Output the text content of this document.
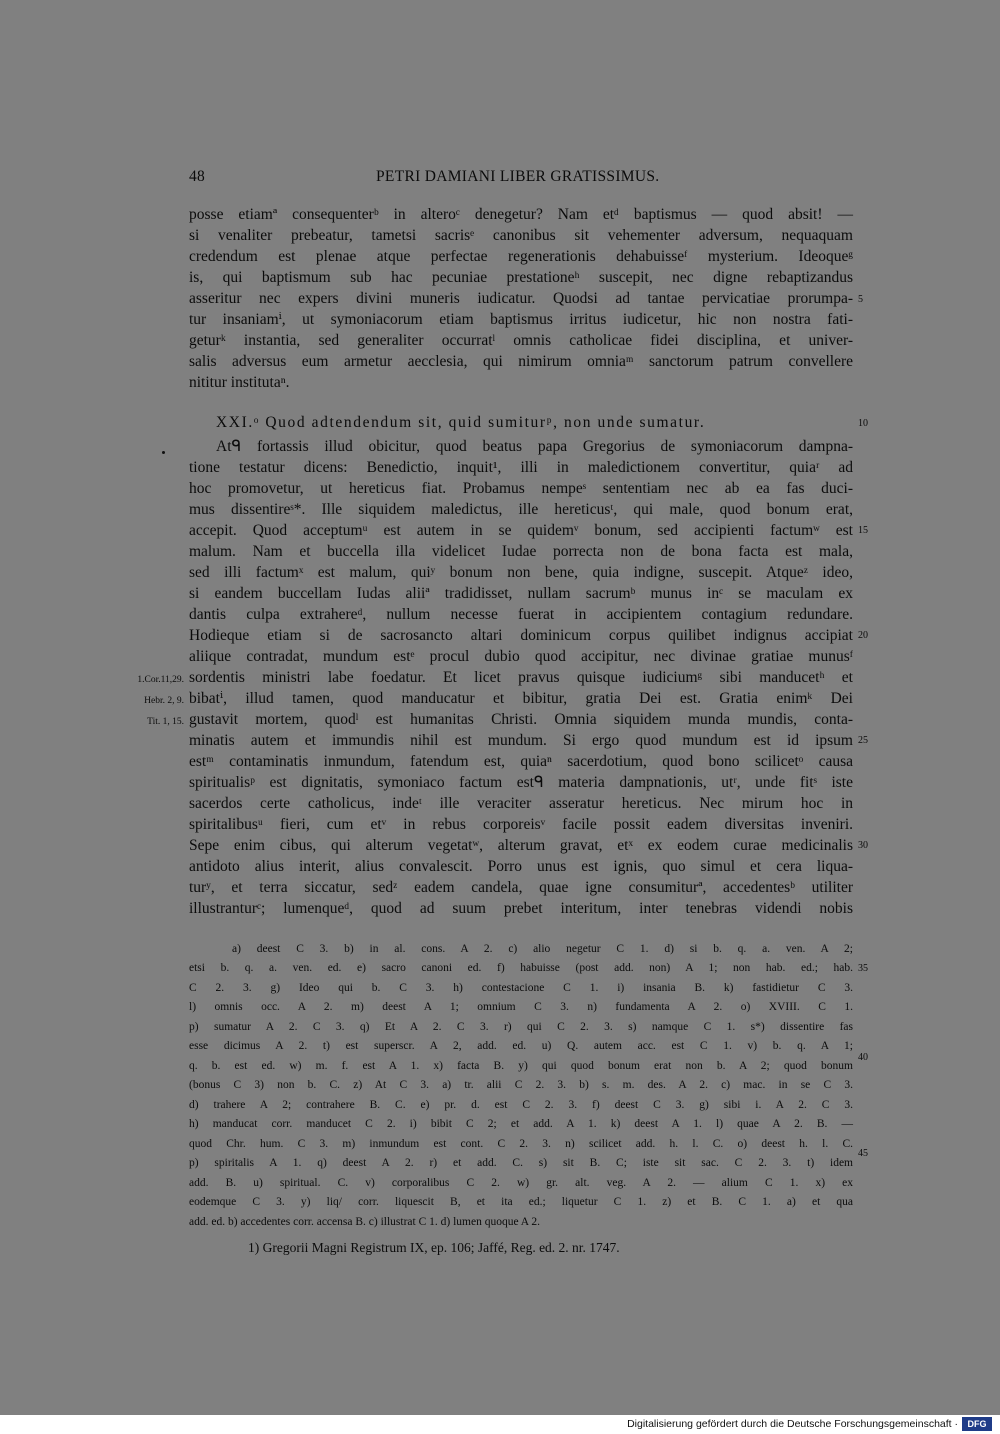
48	PETRI DAMIANI LIBER GRATISSIMUS.
posse etiamª consequenterᵇ in alteroᶜ denegetur? Nam etᵈ baptismus — quod absit! —
si venaliter prebeatur, tametsi sacrisᵉ canonibus sit vehementer adversum, nequaquam
credendum est plenae atque perfectae regenerationis dehabuisseᶠ mysterium. Ideoqueᵍ
is, qui baptismum sub hac pecuniae prestationeʰ suscepit, nec digne rebaptizandus
asseritur nec expers divini muneris iudicatur. Quodsi ad tantae pervicatiae prorumpa-
tur insaniamⁱ, ut symoniacorum etiam baptismus irritus iudicetur, hic non nostra fati-
geturᵏ instantia, sed generaliter occurratˡ omnis catholicae fidei disciplina, et univer-
salis adversus eum armetur aecclesia, qui nimirum omniaᵐ sanctorum patrum convellere
nititur institutaⁿ.
XXI.ᵒ Quod adtendendum sit, quid sumiturᵖ, non unde sumatur.
Atᑫ fortassis illud obicitur, quod beatus papa Gregorius de symoniacorum dampna-
tione testatur dicens: Benedictio, inquit¹, illi in maledictionem convertitur, quiaʳ ad
hoc promovetur, ut hereticus fiat. Probamus nempeˢ sententiam nec ab ea fas duci-
mus dissentireˢ*. Ille siquidem maledictus, ille hereticusᵗ, qui male, quod bonum erat,
accepit. Quod acceptumᵘ est autem in se quidemᵛ bonum, sed accipienti factumʷ est
malum. Nam et buccella illa videlicet Iudae porrecta non de bona facta est mala,
sed illi factumˣ est malum, quiʸ bonum non bene, quia indigne, suscepit. Atqueᶻ ideo,
si eandem buccellam Iudas aliiª tradidisset, nullam sacrumᵇ munus inᶜ se maculam ex
dantis culpa extrahereᵈ, nullum necesse fuerat in accipientem contagium redundare.
Hodieque etiam si de sacrosancto altari dominicum corpus quilibet indignus accipiat
aliique contradat, mundum estᵉ procul dubio quod accipitur, nec divinae gratiae munusᶠ
sordentis ministri labe foedatur. Et licet pravus quisque iudiciumᵍ sibi manducetʰ et
bibatⁱ, illud tamen, quod manducatur et bibitur, gratia Dei est. Gratia enimᵏ Dei
gustavit mortem, quodˡ est humanitas Christi. Omnia siquidem munda mundis, conta-
minatis autem et immundis nihil est mundum. Si ergo quod mundum est id ipsum
estᵐ contaminatis inmundum, fatendum est, quiaⁿ sacerdotium, quod bono scilicetᵒ causa
spiritualisᵖ est dignitatis, symoniaco factum estᑫ materia dampnationis, utʳ, unde fitˢ iste
sacerdos certe catholicus, indeᵗ ille veraciter asseratur hereticus. Nec mirum hoc in
spiritalibusᵘ fieri, cum etᵛ in rebus corporeisᵛ facile possit eadem diversitas inveniri.
Sepe enim cibus, qui alterum vegetatʷ, alterum gravat, etˣ ex eodem curae medicinalis
antidoto alius interit, alius convalescit. Porro unus est ignis, quo simul et cera liqua-
turʸ, et terra siccatur, sedᶻ eadem candela, quae igne consumiturª, accedentesᵇ utiliter
illustranturᶜ; lumenqueᵈ, quod ad suum prebet interitum, inter tenebras videndi nobis
5
10
15
20
25
30
35
40
45
1.Cor.11,29.
Hebr. 2, 9.
Tit. 1, 15.
a) deest C 3. b) in al. cons. A 2. c) alio negetur C 1. d) si b. q. a. ven. A 2;
etsi b. q. a. ven. ed. e) sacro canoni ed. f) habuisse (post add. non) A 1; non hab. ed.; hab.
C 2. 3. g) Ideo qui b. C 3. h) contestacione C 1. i) insania B. k) fastidietur C 3.
l) omnis occ. A 2. m) deest A 1; omnium C 3. n) fundamenta A 2. o) XVIII. C 1.
p) sumatur A 2. C 3. q) Et A 2. C 3. r) qui C 2. 3. s) namque C 1. s*) dissentire fas
esse dicimus A 2. t) est superscr. A 2, add. ed. u) Q. autem acc. est C 1. v) b. q. A 1;
q. b. est ed. w) m. f. est A 1. x) facta B. y) qui quod bonum erat non b. A 2; quod bonum
(bonus C 3) non b. C. z) At C 3. a) tr. alii C 2. 3. b) s. m. des. A 2. c) mac. in se C 3.
d) trahere A 2; contrahere B. C. e) pr. d. est C 2. 3. f) deest C 3. g) sibi i. A 2. C 3.
h) manducat corr. manducet C 2. i) bibit C 2; et add. A 1. k) deest A 1. l) quae A 2. B. —
quod Chr. hum. C 3. m) inmundum est cont. C 2. 3. n) scilicet add. h. l. C. o) deest h. l. C.
p) spiritalis A 1. q) deest A 2. r) et add. C. s) sit B. C; iste sit sac. C 2. 3. t) idem
add. B. u) spiritual. C. v) corporalibus C 2. w) gr. alt. veg. A 2. — alium C 1. x) ex
eodemque C 3. y) liq/ corr. liquescit B, et ita ed.; liquetur C 1. z) et B. C 1. a) et qua
add. ed. b) accedentes corr. accensa B. c) illustrat C 1. d) lumen quoque A 2.
1) Gregorii Magni Registrum IX, ep. 106; Jaffé, Reg. ed. 2. nr. 1747.
Digitalisierung gefördert durch die Deutsche Forschungsgemeinschaft ·	DFG
